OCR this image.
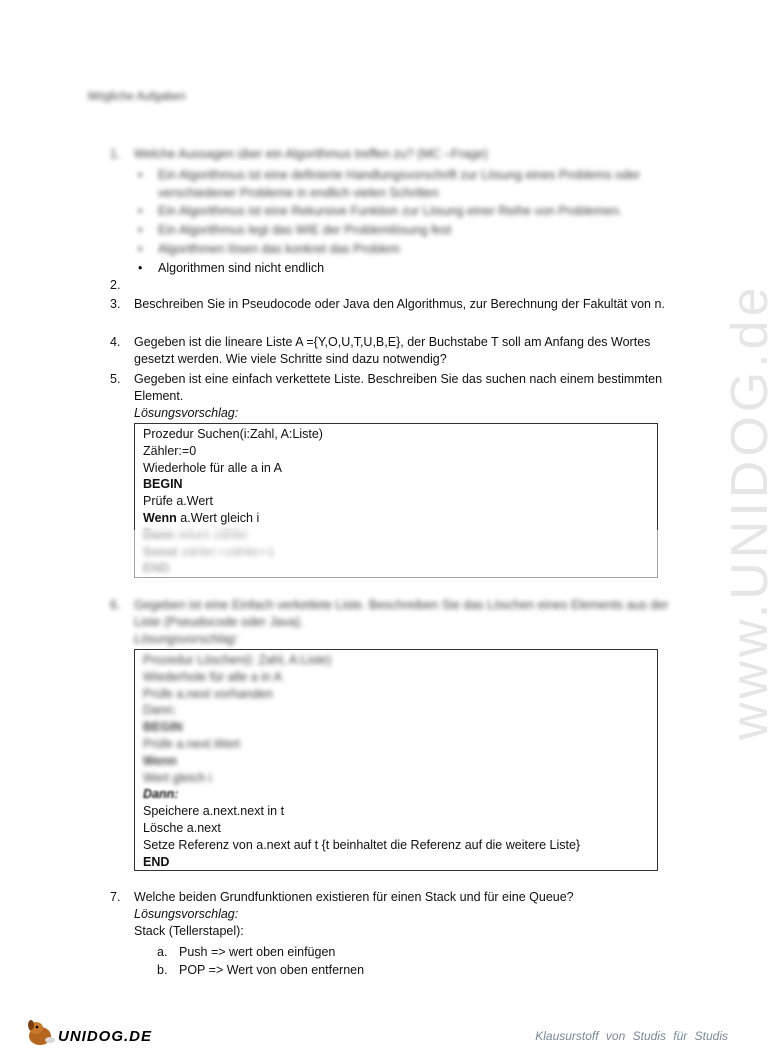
www.UNIDOG.de
Mögliche Aufgaben
1.	Welche Aussagen über ein Algorithmus treffen zu? (MC –Frage)
• Ein Algorithmus ist eine definierte Handlungsvorschrift zur Lösung eines Problems oder verschiedener Probleme in endlich vielen Schritten
• Ein Algorithmus ist eine Rekursive Funktion zur Lösung einer Reihe von Problemen.
• Ein Algorithmus legt das WIE der Problemlösung fest
• Algorithmen lösen das konkret das Problem
• Algorithmen sind nicht endlich
2.
3.	Beschreiben Sie in Pseudocode oder Java den Algorithmus, zur Berechnung der Fakultät von n.
4.	Gegeben ist die lineare Liste A ={Y,O,U,T,U,B,E}, der Buchstabe T soll am Anfang des Wortes gesetzt werden. Wie viele Schritte sind dazu notwendig?
5.	Gegeben ist eine einfach verkettete Liste. Beschreiben Sie das suchen nach einem bestimmten Element.
Lösungsvorschlag:
Prozedur Suchen(i:Zahl, A:Liste)
Zähler:=0
Wiederhole für alle a in A
BEGIN
Prüfe a.Wert
Wenn a.Wert gleich i
6.	Gegeben ist eine Einfach verkettete Liste. Beschreiben Sie das Löschen eines Elements aus der Liste (Pseudocode oder Java).
Lösungsvorschlag:
Prozedur Löschen(i: Zahl, A:Liste)
Wiederhole für alle a in A
Prüfe a.next vorhanden
Dann:
BEGIN
Prüfe a.next.Wert
Wenn
Wert gleich i
Dann:
Speichere a.next.next in t
Lösche a.next
Setze Referenz von a.next auf t {t beinhaltet die Referenz auf die weitere Liste}
END
7.	Welche beiden Grundfunktionen existieren für einen Stack und für eine Queue?
Lösungsvorschlag:
Stack (Tellerstapel):
a. Push => wert oben einfügen
b. POP => Wert von oben entfernen
UNIDOG.DE	Klausurstoff von Studis für Studis
